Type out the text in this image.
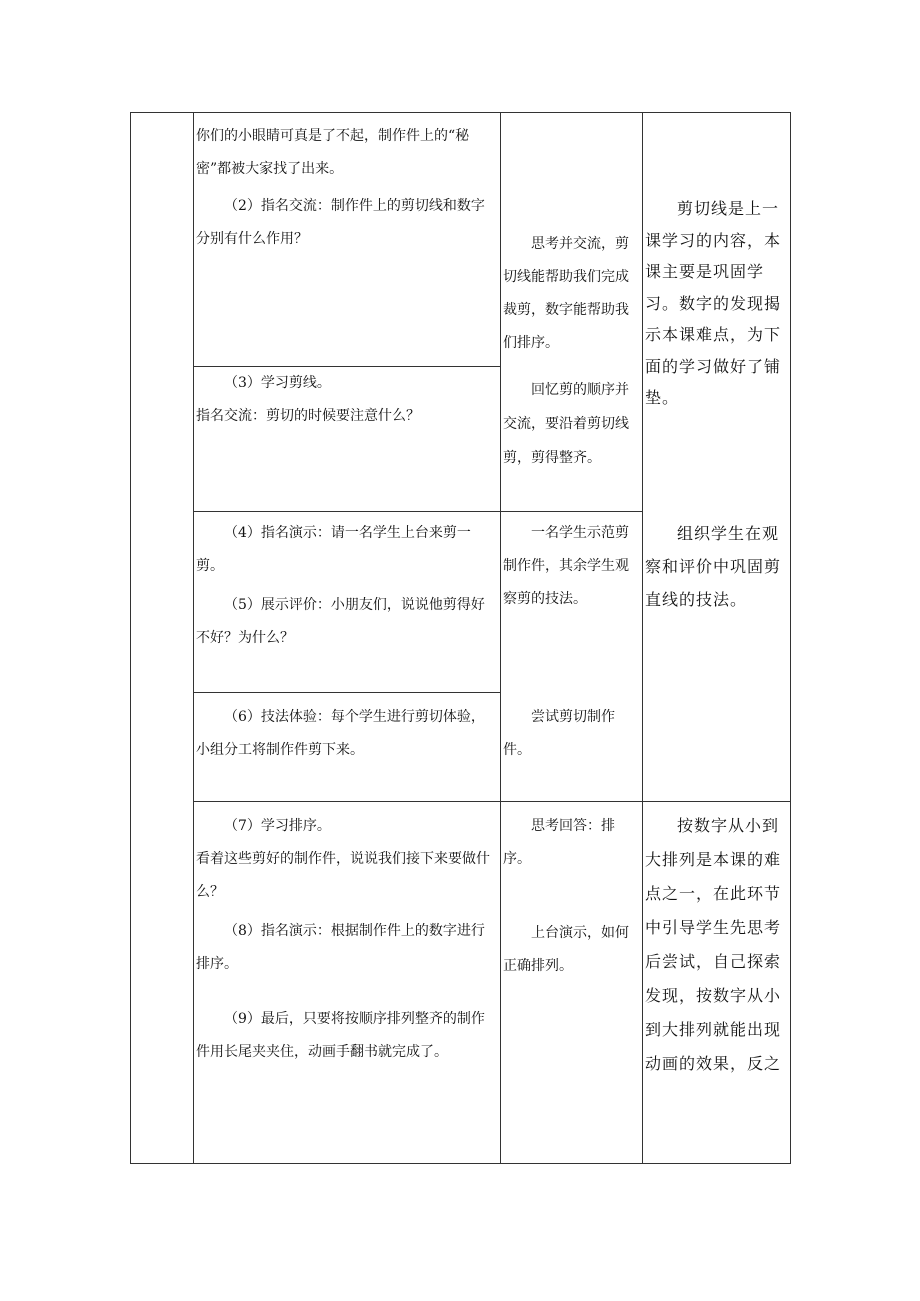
你们的小眼睛可真是了不起，制作件上的“秘密”都被大家找了出来。

（2）指名交流：制作件上的剪切线和数字分别有什么作用？	思考并交流，剪切线能帮助我们完成裁剪，数字能帮助我们排序。

（3）学习剪线。

指名交流：剪切的时候要注意什么？

回忆剪的顺序并交流，要沿着剪切线剪，剪得整齐。

（4）指名演示：请一名学生上台来剪一剪。

（5）展示评价：小朋友们，说说他剪得好不好？为什么？

一名学生示范剪制作件，其余学生观察剪的技法。

（6）技法体验：每个学生进行剪切体验，小组分工将制作件剪下来。

尝试剪切制作件。

（7）学习排序。

看着这些剪好的制作件，说说我们接下来要做什么？

（8）指名演示：根据制作件上的数字进行排序。

（9）最后，只要将按顺序排列整齐的制作件用长尾夹夹住，动画手翻书就完成了。

思考回答：排序。

上台演示，如何正确排列。

剪切线是上一课学习的内容，本课主要是巩固学习。数字的发现揭示本课难点，为下面的学习做好了铺垫。

组织学生在观察和评价中巩固剪直线的技法。

按数字从小到大排列是本课的难点之一，在此环节中引导学生先思考后尝试，自己探索发现，按数字从小到大排列就能出现动画的效果，反之
